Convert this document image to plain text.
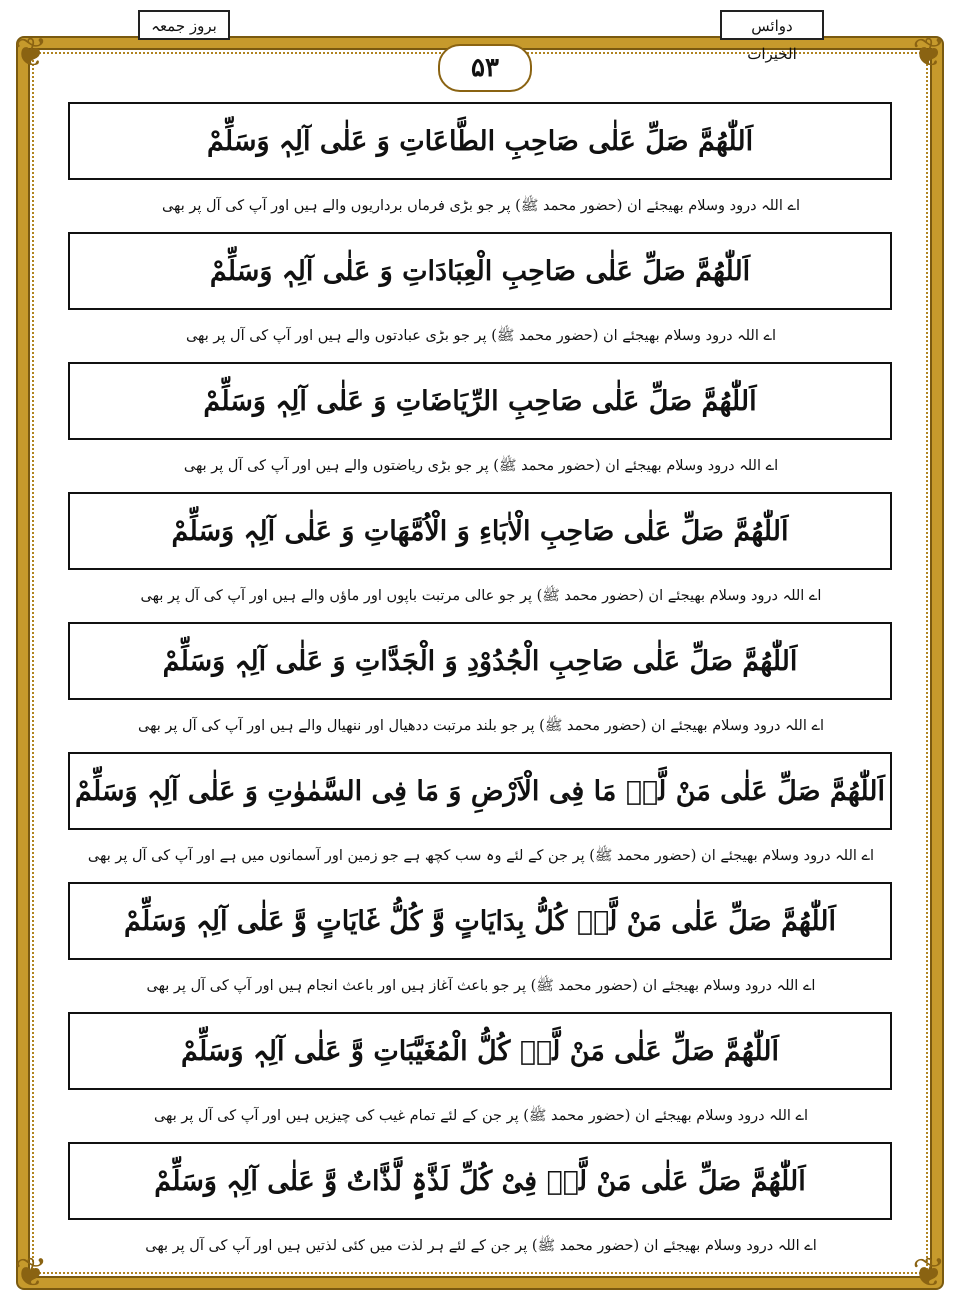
❦	❦
❦	❦
بروز جمعہ	دوائس الخیرات
۵۳
اَللّٰھُمَّ صَلِّ عَلٰی صَاحِبِ الطَّاعَاتِ وَ عَلٰی آلِہٖ وَسَلِّمْ
اے اللہ درود وسلام بھیجئے ان (حضور محمد ﷺ) پر جو بڑی فرماں برداریوں والے ہیں اور آپ کی آل پر بھی
اَللّٰھُمَّ صَلِّ عَلٰی صَاحِبِ الْعِبَادَاتِ وَ عَلٰی آلِہٖ وَسَلِّمْ
اے اللہ درود وسلام بھیجئے ان (حضور محمد ﷺ) پر جو بڑی عبادتوں والے ہیں اور آپ کی آل پر بھی
اَللّٰھُمَّ صَلِّ عَلٰی صَاحِبِ الرِّیَاضَاتِ وَ عَلٰی آلِہٖ وَسَلِّمْ
اے اللہ درود وسلام بھیجئے ان (حضور محمد ﷺ) پر جو بڑی ریاضتوں والے ہیں اور آپ کی آل پر بھی
اَللّٰھُمَّ صَلِّ عَلٰی صَاحِبِ الْاٰبَاءِ وَ الْاُمَّھَاتِ وَ عَلٰی آلِہٖ وَسَلِّمْ
اے اللہ درود وسلام بھیجئے ان (حضور محمد ﷺ) پر جو عالی مرتبت باپوں اور ماؤں والے ہیں اور آپ کی آل پر بھی
اَللّٰھُمَّ صَلِّ عَلٰی صَاحِبِ الْجُدُوْدِ وَ الْجَدَّاتِ وَ عَلٰی آلِہٖ وَسَلِّمْ
اے اللہ درود وسلام بھیجئے ان (حضور محمد ﷺ) پر جو بلند مرتبت ددھیال اور ننھیال والے ہیں اور آپ کی آل پر بھی
اَللّٰھُمَّ صَلِّ عَلٰی مَنْ لَّہٗ مَا فِی الْاَرْضِ وَ مَا فِی السَّمٰوٰتِ وَ عَلٰی آلِہٖ وَسَلِّمْ
اے اللہ درود وسلام بھیجئے ان (حضور محمد ﷺ) پر جن کے لئے وہ سب کچھ ہے جو زمین اور آسمانوں میں ہے اور آپ کی آل پر بھی
اَللّٰھُمَّ صَلِّ عَلٰی مَنْ لَّہٗ کُلُّ بِدَایَاتٍ وَّ کُلُّ غَایَاتٍ وَّ عَلٰی آلِہٖ وَسَلِّمْ
اے اللہ درود وسلام بھیجئے ان (حضور محمد ﷺ) پر جو باعث آغاز ہیں اور باعث انجام ہیں اور آپ کی آل پر بھی
اَللّٰھُمَّ صَلِّ عَلٰی مَنْ لَّہٗ کُلُّ الْمُغَیَّبَاتِ وَّ عَلٰی آلِہٖ وَسَلِّمْ
اے اللہ درود وسلام بھیجئے ان (حضور محمد ﷺ) پر جن کے لئے تمام غیب کی چیزیں ہیں اور آپ کی آل پر بھی
اَللّٰھُمَّ صَلِّ عَلٰی مَنْ لَّہٗ فِیْ کُلِّ لَذَّۃٍ لَّذَّاتٌ وَّ عَلٰی آلِہٖ وَسَلِّمْ
اے اللہ درود وسلام بھیجئے ان (حضور محمد ﷺ) پر جن کے لئے ہر لذت میں کئی لذتیں ہیں اور آپ کی آل پر بھی
